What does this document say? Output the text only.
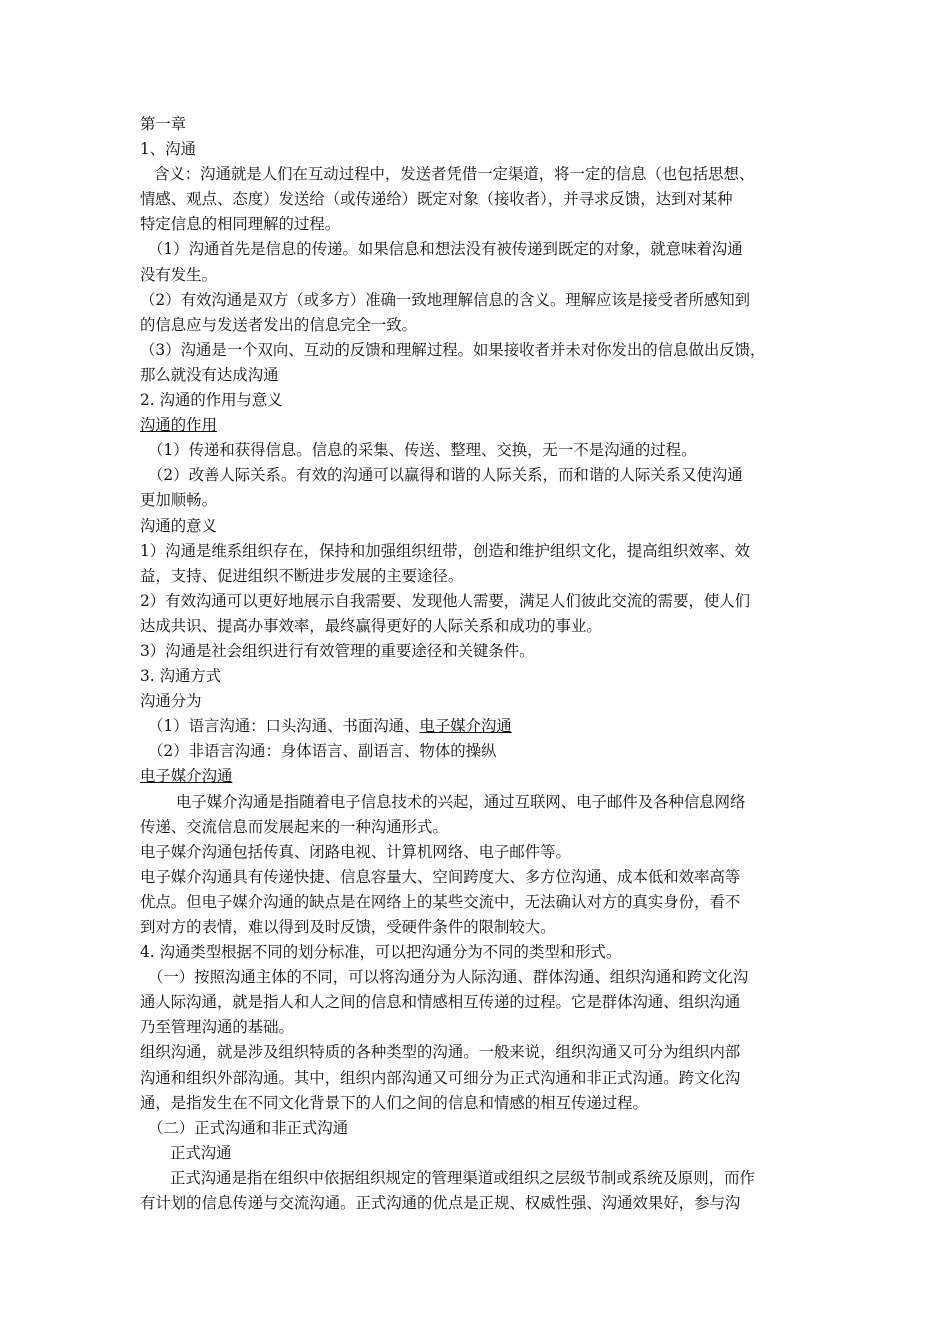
第一章
1、沟通
含义：沟通就是人们在互动过程中，发送者凭借一定渠道，将一定的信息（也包括思想、
情感、观点、态度）发送给（或传递给）既定对象（接收者），并寻求反馈，达到对某种
特定信息的相同理解的过程。
（1）沟通首先是信息的传递。如果信息和想法没有被传递到既定的对象，就意味着沟通
没有发生。
（2）有效沟通是双方（或多方）准确一致地理解信息的含义。理解应该是接受者所感知到
的信息应与发送者发出的信息完全一致。
（3）沟通是一个双向、互动的反馈和理解过程。如果接收者并未对你发出的信息做出反馈，
那么就没有达成沟通
2. 沟通的作用与意义
沟通的作用
（1）传递和获得信息。信息的采集、传送、整理、交换，无一不是沟通的过程。
（2）改善人际关系。有效的沟通可以赢得和谐的人际关系，而和谐的人际关系又使沟通
更加顺畅。
沟通的意义
1）沟通是维系组织存在，保持和加强组织纽带，创造和维护组织文化，提高组织效率、效
益，支持、促进组织不断进步发展的主要途径。
2）有效沟通可以更好地展示自我需要、发现他人需要，满足人们彼此交流的需要，使人们
达成共识、提高办事效率，最终赢得更好的人际关系和成功的事业。
3）沟通是社会组织进行有效管理的重要途径和关键条件。
3. 沟通方式
沟通分为
（1）语言沟通：口头沟通、书面沟通、电子媒介沟通
（2）非语言沟通：身体语言、副语言、物体的操纵
电子媒介沟通
电子媒介沟通是指随着电子信息技术的兴起，通过互联网、电子邮件及各种信息网络
传递、交流信息而发展起来的一种沟通形式。
电子媒介沟通包括传真、闭路电视、计算机网络、电子邮件等。
电子媒介沟通具有传递快捷、信息容量大、空间跨度大、多方位沟通、成本低和效率高等
优点。但电子媒介沟通的缺点是在网络上的某些交流中，无法确认对方的真实身份，看不
到对方的表情，难以得到及时反馈，受硬件条件的限制较大。
4. 沟通类型根据不同的划分标准，可以把沟通分为不同的类型和形式。
（一）按照沟通主体的不同，可以将沟通分为人际沟通、群体沟通、组织沟通和跨文化沟
通人际沟通，就是指人和人之间的信息和情感相互传递的过程。它是群体沟通、组织沟通
乃至管理沟通的基础。
组织沟通，就是涉及组织特质的各种类型的沟通。一般来说，组织沟通又可分为组织内部
沟通和组织外部沟通。其中，组织内部沟通又可细分为正式沟通和非正式沟通。跨文化沟
通，是指发生在不同文化背景下的人们之间的信息和情感的相互传递过程。
（二）正式沟通和非正式沟通
正式沟通
正式沟通是指在组织中依据组织规定的管理渠道或组织之层级节制或系统及原则，而作
有计划的信息传递与交流沟通。正式沟通的优点是正规、权威性强、沟通效果好，参与沟
